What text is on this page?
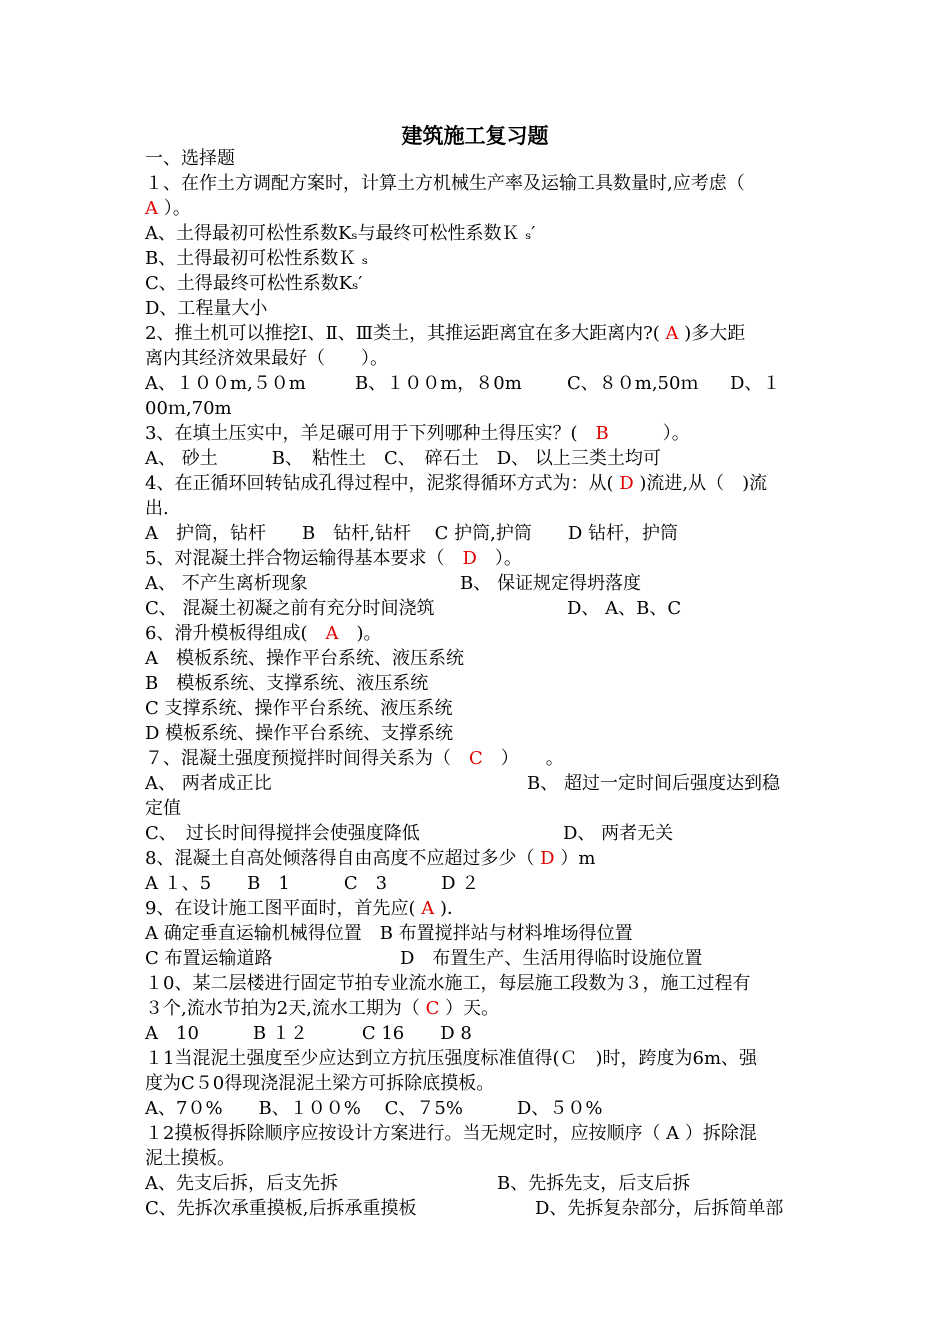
建筑施工复习题
一、选择题
１、在作土方调配方案时，计算土方机械生产率及运输工具数量时,应考虑（
A ）。
A、土得最初可松性系数Kₛ与最终可松性系数Ｋ ₛ′
B、土得最初可松性系数Ｋ ₛ
C、土得最终可松性系数Kₛ′
D、工程量大小
2、推土机可以推挖Ⅰ、Ⅱ、Ⅲ类土，其推运距离宜在多大距离内?( A )多大距
离内其经济效果最好（　　）。
A、１００m,５０m	B、１００m，８0m	C、８０m,50ｍ D、１
00ｍ,70m
3、在填土压实中，羊足碾可用于下列哪种土得压实？(　B　　　）。
A、 砂土　　　B、　粘性土　C、　碎石土　D、 以上三类土均可
4、在正循环回转钻成孔得过程中，泥浆得循环方式为：从( D )流进,从（　)流
出.
A　护筒，钻杆　　B　钻杆,钻杆　 C 护筒,护筒　　D 钻杆，护筒
5、对混凝土拌合物运输得基本要求（　D　）。
A、 不产生离析现象	B、 保证规定得坍落度
C、 混凝土初凝之前有充分时间浇筑	D、 A、B、C
6、滑升模板得组成(　A　)。
A　模板系统、操作平台系统、液压系统
B　模板系统、支撑系统、液压系统
C 支撑系统、操作平台系统、液压系统
D 模板系统、操作平台系统、支撑系统
７、混凝土强度预搅拌时间得关系为（　C　）　　。
A、 两者成正比	B、 超过一定时间后强度达到稳
定值
C、　过长时间得搅拌会使强度降低	D、 两者无关
8、混凝土自高处倾落得自由高度不应超过多少（ D ）m
A １、5　　B　1　　　C　3　　　D ２
9、在设计施工图平面时，首先应( A )．
A 确定垂直运输机械得位置　B 布置搅拌站与材料堆场得位置
C 布置运输道路	D　布置生产、生活用得临时设施位置
１0、某二层楼进行固定节拍专业流水施工，每层施工段数为３，施工过程有
３个,流水节拍为2天,流水工期为（ C ）天。
A　10　　　B １２　　　C 16　　D 8
１1当混泥土强度至少应达到立方抗压强度标准值得(Ｃ　)时，跨度为6m、强
度为C５0得现浇混泥土梁方可拆除底摸板。
A、7０%　　B、１００%　 C、７5%　　　D、５０%
１2摸板得拆除顺序应按设计方案进行。当无规定时，应按顺序（ A ）拆除混
泥土摸板。
A、先支后拆，后支先拆	B、先拆先支，后支后拆
C、先拆次承重摸板,后拆承重摸板	D、先拆复杂部分，后拆简单部
